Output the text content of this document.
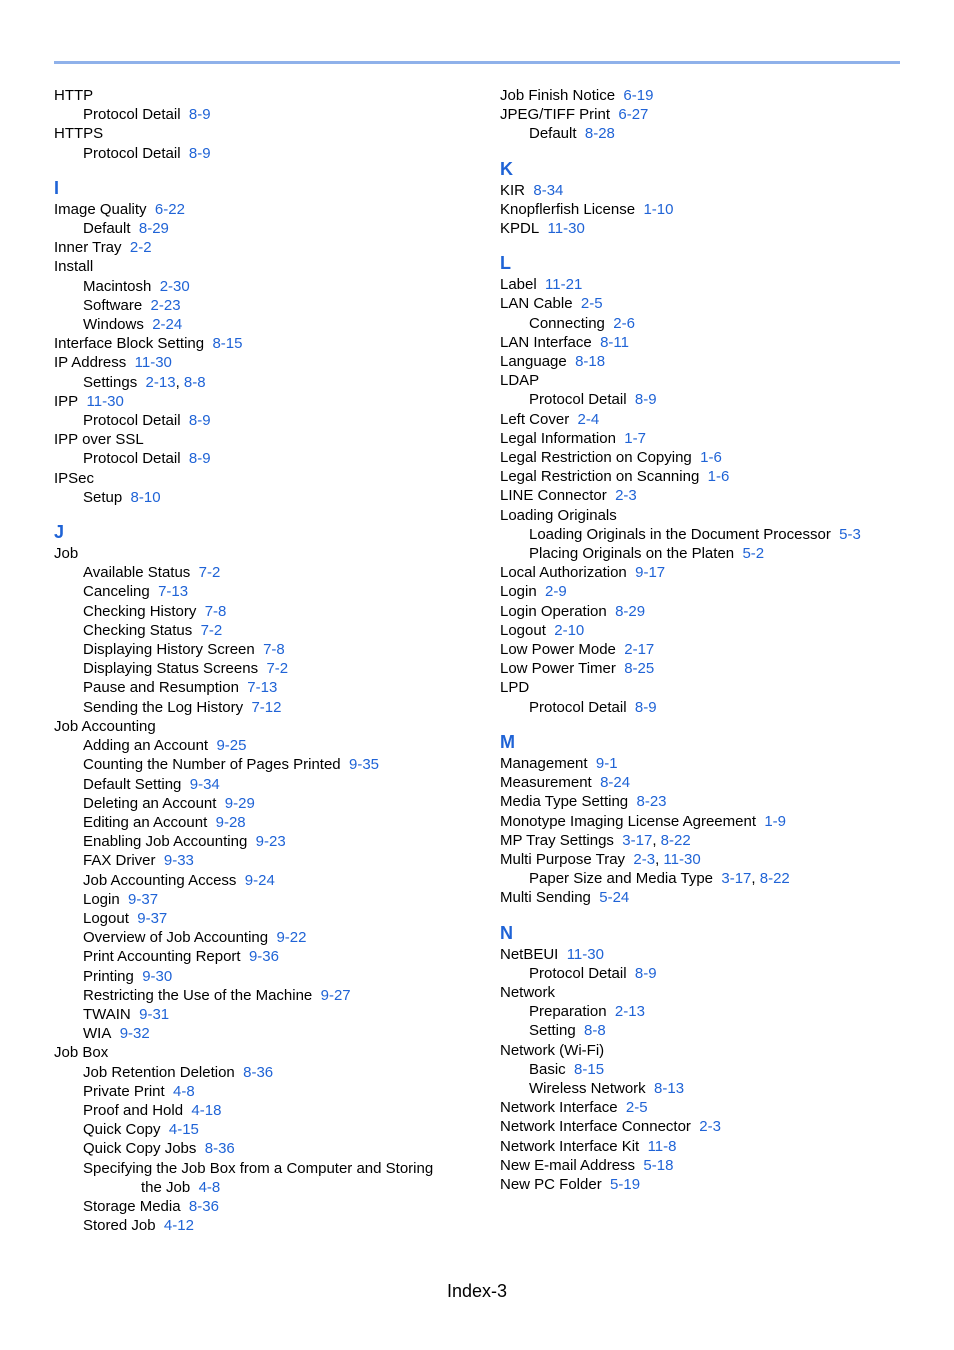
HTTP
Protocol Detail 8-9
HTTPS
Protocol Detail 8-9
I
Image Quality 6-22
Default 8-29
Inner Tray 2-2
Install
Macintosh 2-30
Software 2-23
Windows 2-24
Interface Block Setting 8-15
IP Address 11-30
Settings 2-13, 8-8
IPP 11-30
Protocol Detail 8-9
IPP over SSL
Protocol Detail 8-9
IPSec
Setup 8-10
J
Job
Available Status 7-2
Canceling 7-13
Checking History 7-8
Checking Status 7-2
Displaying History Screen 7-8
Displaying Status Screens 7-2
Pause and Resumption 7-13
Sending the Log History 7-12
Job Accounting
Adding an Account 9-25
Counting the Number of Pages Printed 9-35
Default Setting 9-34
Deleting an Account 9-29
Editing an Account 9-28
Enabling Job Accounting 9-23
FAX Driver 9-33
Job Accounting Access 9-24
Login 9-37
Logout 9-37
Overview of Job Accounting 9-22
Print Accounting Report 9-36
Printing 9-30
Restricting the Use of the Machine 9-27
TWAIN 9-31
WIA 9-32
Job Box
Job Retention Deletion 8-36
Private Print 4-8
Proof and Hold 4-18
Quick Copy 4-15
Quick Copy Jobs 8-36
Specifying the Job Box from a Computer and Storing
the Job 4-8
Storage Media 8-36
Stored Job 4-12
Job Finish Notice 6-19
JPEG/TIFF Print 6-27
Default 8-28
K
KIR 8-34
Knopflerfish License 1-10
KPDL 11-30
L
Label 11-21
LAN Cable 2-5
Connecting 2-6
LAN Interface 8-11
Language 8-18
LDAP
Protocol Detail 8-9
Left Cover 2-4
Legal Information 1-7
Legal Restriction on Copying 1-6
Legal Restriction on Scanning 1-6
LINE Connector 2-3
Loading Originals
Loading Originals in the Document Processor 5-3
Placing Originals on the Platen 5-2
Local Authorization 9-17
Login 2-9
Login Operation 8-29
Logout 2-10
Low Power Mode 2-17
Low Power Timer 8-25
LPD
Protocol Detail 8-9
M
Management 9-1
Measurement 8-24
Media Type Setting 8-23
Monotype Imaging License Agreement 1-9
MP Tray Settings 3-17, 8-22
Multi Purpose Tray 2-3, 11-30
Paper Size and Media Type 3-17, 8-22
Multi Sending 5-24
N
NetBEUI 11-30
Protocol Detail 8-9
Network
Preparation 2-13
Setting 8-8
Network (Wi-Fi)
Basic 8-15
Wireless Network 8-13
Network Interface 2-5
Network Interface Connector 2-3
Network Interface Kit 11-8
New E-mail Address 5-18
New PC Folder 5-19
Index-3
